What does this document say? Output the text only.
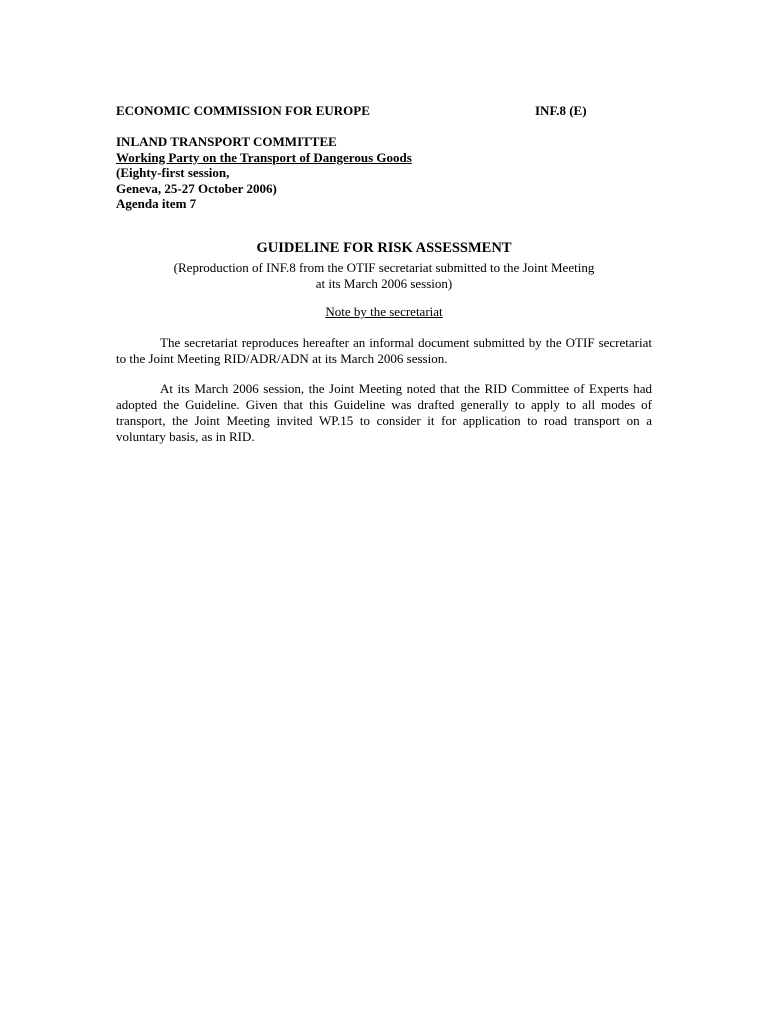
ECONOMIC COMMISSION FOR EUROPE	INF.8 (E)
INLAND TRANSPORT COMMITTEE
Working Party on the Transport of Dangerous Goods
(Eighty-first session,
Geneva, 25-27 October 2006)
Agenda item 7
GUIDELINE FOR RISK ASSESSMENT
(Reproduction of INF.8 from the OTIF secretariat submitted to the Joint Meeting
at its March 2006 session)
Note by the secretariat

The secretariat reproduces hereafter an informal document submitted by the OTIF secretariat to the Joint Meeting RID/ADR/ADN at its March 2006 session.

At its March 2006 session, the Joint Meeting noted that the RID Committee of Experts had adopted the Guideline. Given that this Guideline was drafted generally to apply to all modes of transport, the Joint Meeting invited WP.15 to consider it for application to road transport on a voluntary basis, as in RID.
